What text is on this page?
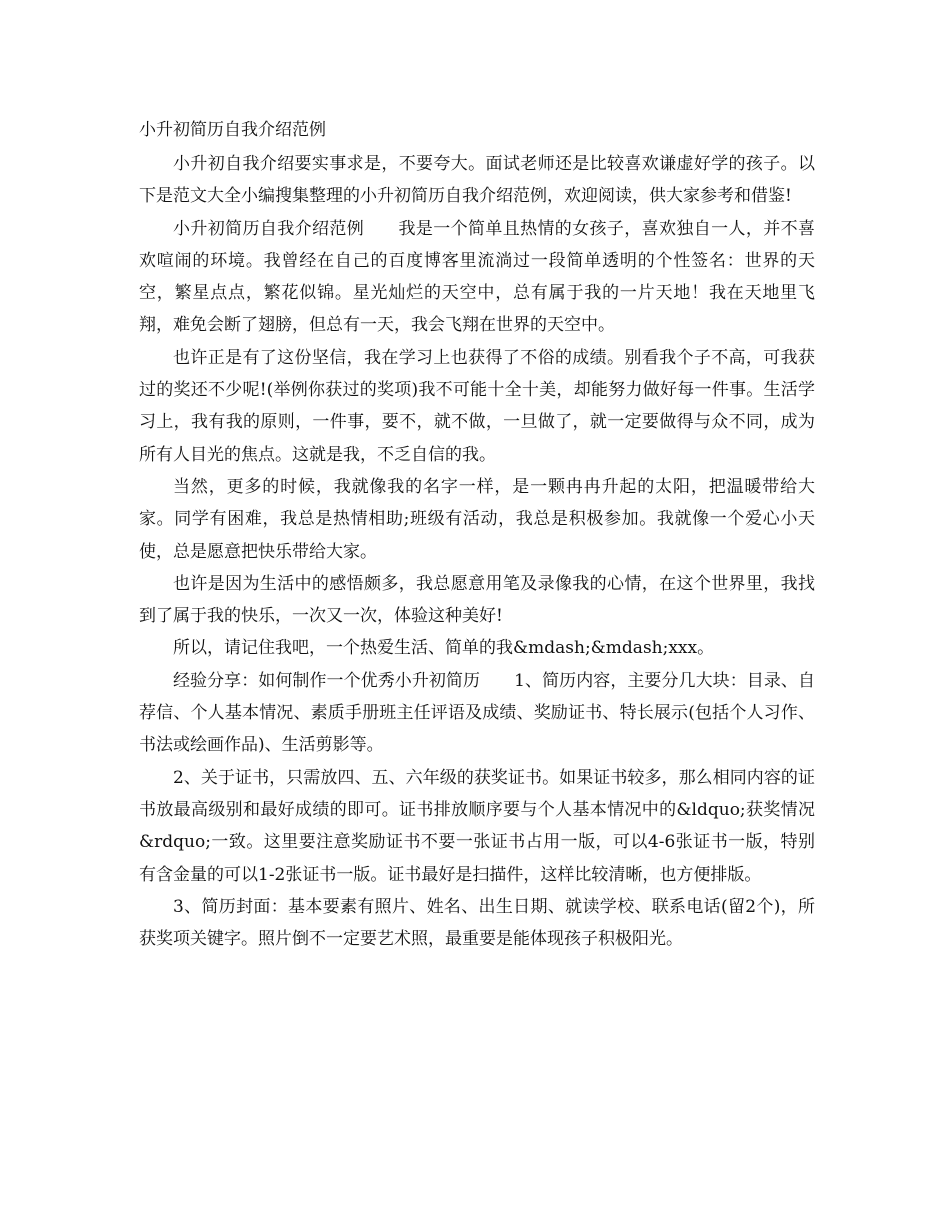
小升初简历自我介绍范例

小升初自我介绍要实事求是，不要夸大。面试老师还是比较喜欢谦虚好学的孩子。以下是范文大全小编搜集整理的小升初简历自我介绍范例，欢迎阅读，供大家参考和借鉴!

小升初简历自我介绍范例 我是一个简单且热情的女孩子，喜欢独自一人，并不喜欢喧闹的环境。我曾经在自己的百度博客里流淌过一段简单透明的个性签名：世界的天空，繁星点点，繁花似锦。星光灿烂的天空中，总有属于我的一片天地！我在天地里飞翔，难免会断了翅膀，但总有一天，我会飞翔在世界的天空中。

也许正是有了这份坚信，我在学习上也获得了不俗的成绩。别看我个子不高，可我获过的奖还不少呢!(举例你获过的奖项)我不可能十全十美，却能努力做好每一件事。生活学习上，我有我的原则，一件事，要不，就不做，一旦做了，就一定要做得与众不同，成为所有人目光的焦点。这就是我，不乏自信的我。

当然，更多的时候，我就像我的名字一样，是一颗冉冉升起的太阳，把温暖带给大家。同学有困难，我总是热情相助;班级有活动，我总是积极参加。我就像一个爱心小天使，总是愿意把快乐带给大家。

也许是因为生活中的感悟颇多，我总愿意用笔及录像我的心情，在这个世界里，我找到了属于我的快乐，一次又一次，体验这种美好!

所以，请记住我吧，一个热爱生活、简单的我&mdash;&mdash;xxx。

经验分享：如何制作一个优秀小升初简历 1、简历内容，主要分几大块：目录、自荐信、个人基本情况、素质手册班主任评语及成绩、奖励证书、特长展示(包括个人习作、书法或绘画作品)、生活剪影等。

2、关于证书，只需放四、五、六年级的获奖证书。如果证书较多，那么相同内容的证书放最高级别和最好成绩的即可。证书排放顺序要与个人基本情况中的&ldquo;获奖情况&rdquo;一致。这里要注意奖励证书不要一张证书占用一版，可以4-6张证书一版，特别有含金量的可以1-2张证书一版。证书最好是扫描件，这样比较清晰，也方便排版。

3、简历封面：基本要素有照片、姓名、出生日期、就读学校、联系电话(留2个)，所获奖项关键字。照片倒不一定要艺术照，最重要是能体现孩子积极阳光。
